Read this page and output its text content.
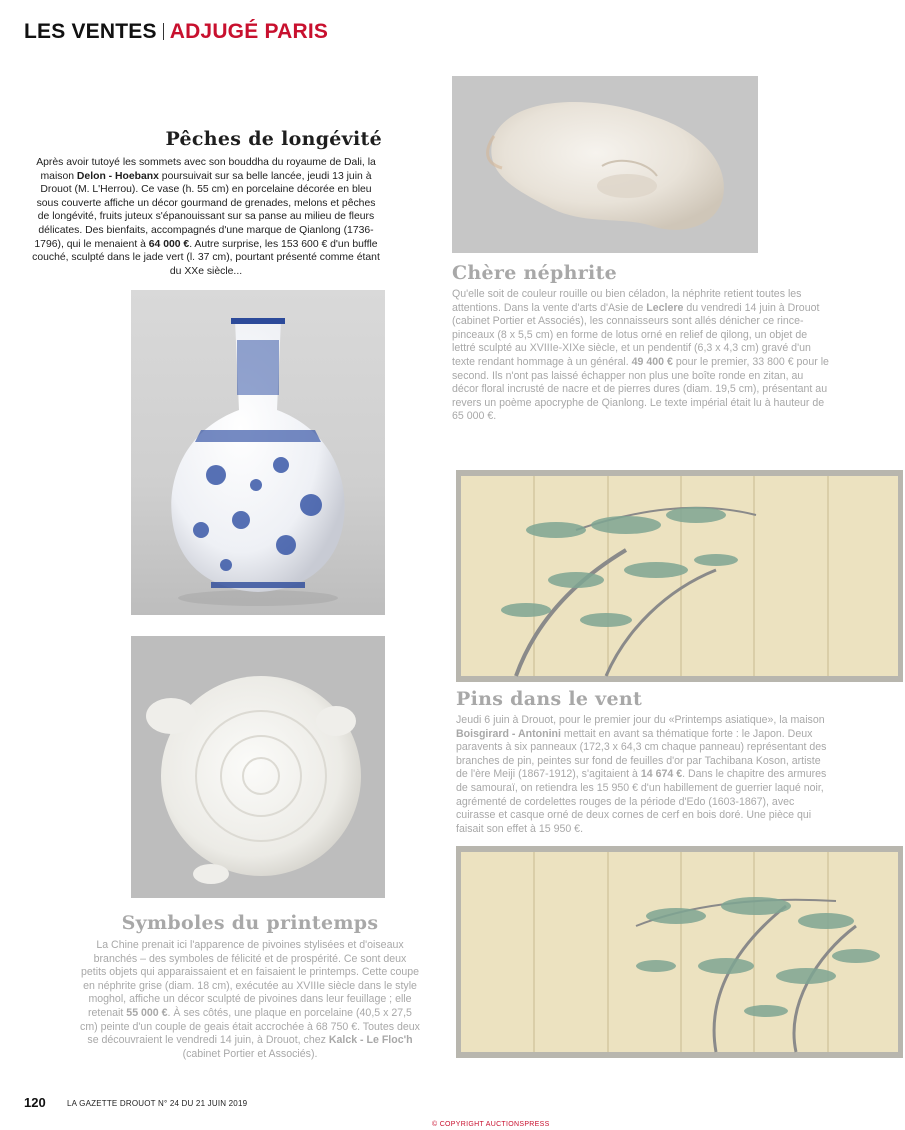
LES VENTES ADJUGÉ PARIS
Pêches de longévité
Après avoir tutoyé les sommets avec son bouddha du royaume de Dali, la maison Delon - Hoebanx poursuivait sur sa belle lancée, jeudi 13 juin à Drouot (M. L'Herrou). Ce vase (h. 55 cm) en porcelaine décorée en bleu sous couverte affiche un décor gourmand de grenades, melons et pêches de longévité, fruits juteux s'épanouissant sur sa panse au milieu de fleurs délicates. Des bienfaits, accompagnés d'une marque de Qianlong (1736-1796), qui le menaient à 64 000 €. Autre surprise, les 153 600 € d'un buffle couché, sculpté dans le jade vert (l. 37 cm), pourtant présenté comme étant du XXe siècle...	Chère néphrite
Qu'elle soit de couleur rouille ou bien céladon, la néphrite retient toutes les attentions. Dans la vente d'arts d'Asie de Leclere du vendredi 14 juin à Drouot (cabinet Portier et Associés), les connaisseurs sont allés dénicher ce rince-pinceaux (8 x 5,5 cm) en forme de lotus orné en relief de qilong, un objet de lettré sculpté au XVIIIe-XIXe siècle, et un pendentif (6,3 x 4,3 cm) gravé d'un texte rendant hommage à un général. 49 400 € pour le premier, 33 800 € pour le second. Ils n'ont pas laissé échapper non plus une boîte ronde en zitan, au décor floral incrusté de nacre et de pierres dures (diam. 19,5 cm), présentant au revers un poème apocryphe de Qianlong. Le texte impérial était lu à hauteur de 65 000 €.
Pins dans le vent
Jeudi 6 juin à Drouot, pour le premier jour du «Printemps asiatique», la maison Boisgirard - Antonini mettait en avant sa thématique forte : le Japon. Deux paravents à six panneaux (172,3 x 64,3 cm chaque panneau) représentant des branches de pin, peintes sur fond de feuilles d'or par Tachibana Koson, artiste de l'ère Meiji (1867-1912), s'agitaient à 14 674 €. Dans le chapitre des armures de samouraï, on retiendra les 15 950 € d'un habillement de guerrier laqué noir, agrémenté de cordelettes rouges de la période d'Edo (1603-1867), avec cuirasse et casque orné de deux cornes de cerf en bois doré. Une pièce qui faisait son effet à 15 950 €.
Symboles du printemps
La Chine prenait ici l'apparence de pivoines stylisées et d'oiseaux branchés – des symboles de félicité et de prospérité. Ce sont deux petits objets qui apparaissaient et en faisaient le printemps. Cette coupe en néphrite grise (diam. 18 cm), exécutée au XVIIIe siècle dans le style moghol, affiche un décor sculpté de pivoines dans leur feuillage ; elle retenait 55 000 €. À ses côtés, une plaque en porcelaine (40,5 x 27,5 cm) peinte d'un couple de geais était accrochée à 68 750 €. Toutes deux se découvraient le vendredi 14 juin, à Drouot, chez Kalck - Le Floc'h (cabinet Portier et Associés).
120	LA GAZETTE DROUOT N° 24 DU 21 JUIN 2019
© COPYRIGHT AUCTIONSPRESS
